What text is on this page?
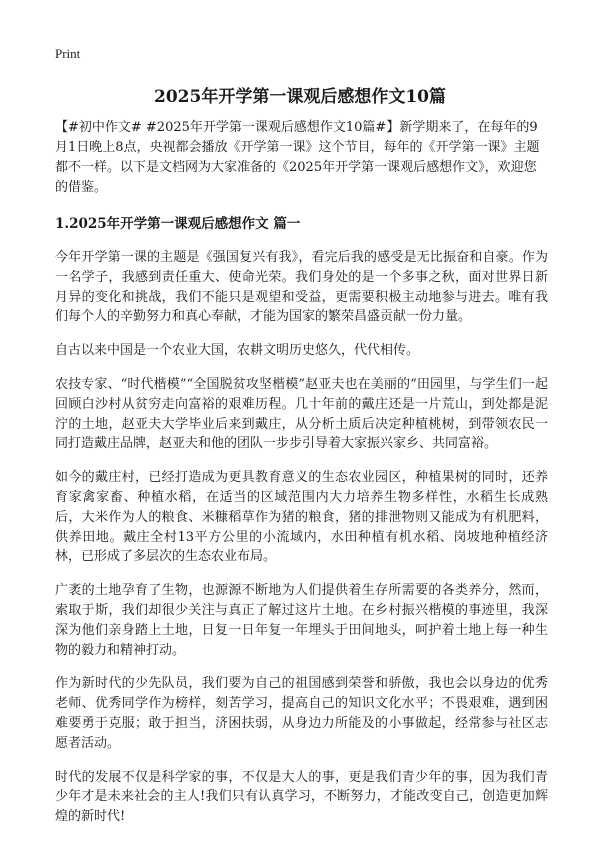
Print
2025年开学第一课观后感想作文10篇

【#初中作文# #2025年开学第一课观后感想作文10篇#】新学期来了，在每年的9月1日晚上8点，央视都会播放《开学第一课》这个节目，每年的《开学第一课》主题都不一样。以下是文档网为大家准备的《2025年开学第一课观后感想作文》，欢迎您的借鉴。

1.2025年开学第一课观后感想作文 篇一

今年开学第一课的主题是《强国复兴有我》，看完后我的感受是无比振奋和自豪。作为一名学子，我感到责任重大、使命光荣。我们身处的是一个多事之秋，面对世界日新月异的变化和挑战，我们不能只是观望和受益，更需要积极主动地参与进去。唯有我们每个人的辛勤努力和真心奉献，才能为国家的繁荣昌盛贡献一份力量。

自古以来中国是一个农业大国，农耕文明历史悠久，代代相传。

农技专家、“时代楷模”“全国脱贫攻坚楷模”赵亚夫也在美丽的“田园里，与学生们一起回顾白沙村从贫穷走向富裕的艰难历程。几十年前的戴庄还是一片荒山，到处都是泥泞的土地，赵亚夫大学毕业后来到戴庄，从分析土质后决定种植桃树，到带领农民一同打造戴庄品牌，赵亚夫和他的团队一步步引导着大家振兴家乡、共同富裕。

如今的戴庄村，已经打造成为更具教育意义的生态农业园区，种植果树的同时，还养育家禽家畜、种植水稻，在适当的区域范围内大力培养生物多样性，水稻生长成熟后，大米作为人的粮食、米糠稻草作为猪的粮食，猪的排泄物则又能成为有机肥料，供养田地。戴庄全村13平方公里的小流域内，水田种植有机水稻、岗坡地种植经济林，已形成了多层次的生态农业布局。

广袤的土地孕育了生物，也源源不断地为人们提供着生存所需要的各类养分，然而，索取于斯，我们却很少关注与真正了解过这片土地。在乡村振兴楷模的事迹里，我深深为他们亲身踏上土地，日复一日年复一年埋头于田间地头，呵护着土地上每一种生物的毅力和精神打动。

作为新时代的少先队员，我们要为自己的祖国感到荣誉和骄傲，我也会以身边的优秀老师、优秀同学作为榜样，刻苦学习，提高自己的知识文化水平；不畏艰难，遇到困难要勇于克服；敢于担当，济困扶弱，从身边力所能及的小事做起，经常参与社区志愿者活动。

时代的发展不仅是科学家的事，不仅是大人的事，更是我们青少年的事，因为我们青少年才是未来社会的主人!我们只有认真学习，不断努力，才能改变自己，创造更加辉煌的新时代!
